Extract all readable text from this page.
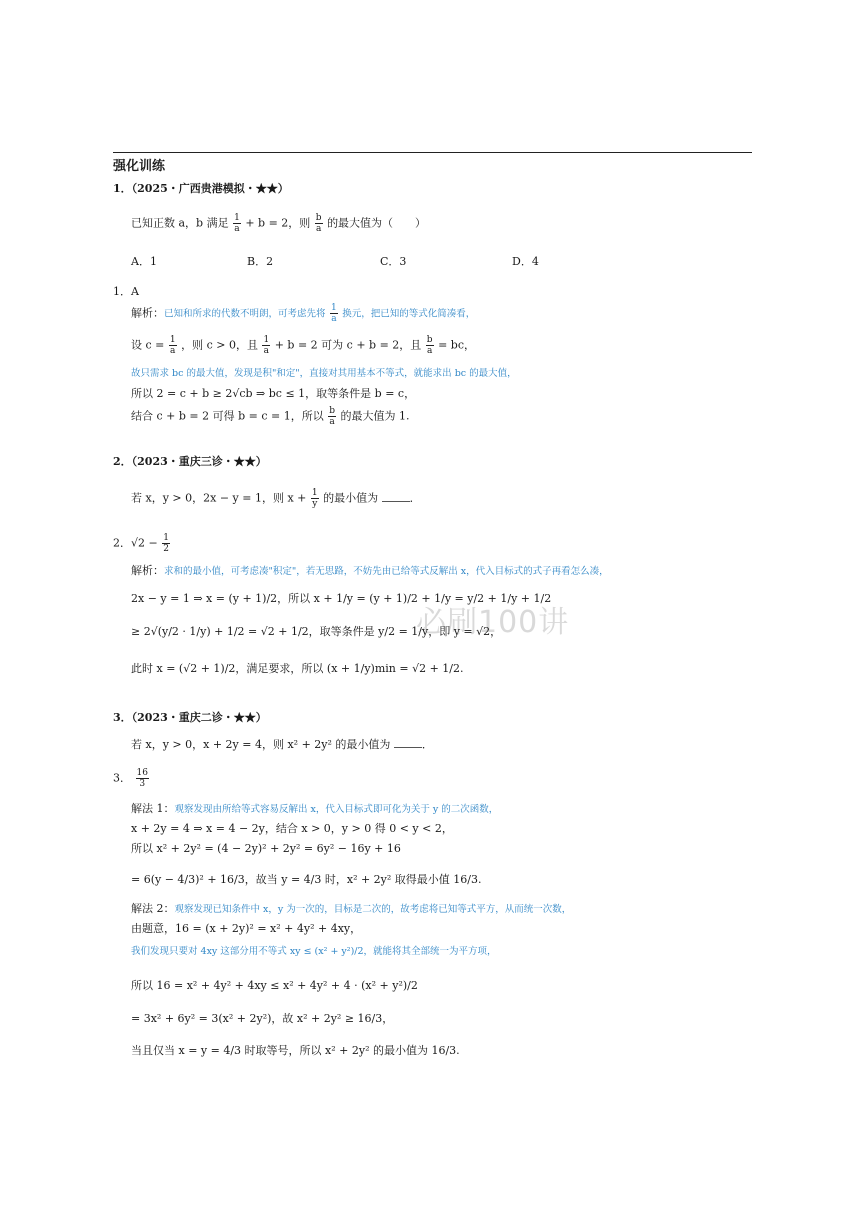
强化训练
必刷100讲
1．（2025・广西贵港模拟・★★）
已知正数 a，b 满足 $\frac{1}{a} + b = 2$，则 $\frac{b}{a}$ 的最大值为（　　）
A．1	B．2	C．3	D．4
1．A
解析：已知和所求的代数不明朗，可考虑先将 $\frac{1}{a}$ 换元，把已知的等式化简凑看，
设 $c = \frac{1}{a}$ ，则 c > 0，且 $\frac{1}{a} + b = 2$ 可为 c + b = 2，且 $\frac{b}{a}$ = bc，
故只需求 bc 的最大值，发现是积"和定"，直接对其用基本不等式，就能求出 bc 的最大值，
所以 2 = c + b ≥ 2√cb ⇒ bc ≤ 1，取等条件是 b = c，
结合 c + b = 2 可得 b = c = 1，所以 $\frac{b}{a}$ 的最大值为 1.
2．（2023・重庆三诊・★★）
若 x，y > 0，2x − y = 1，则 $x + \frac{1}{y}$ 的最小值为	．
2．$√2 - \frac{1}{2}$
解析：求和的最小值，可考虑凑"积定"，若无思路，不妨先由已给等式反解出 x，代入目标式的式子再看怎么凑，
2x − y = 1 ⇒ x = (y + 1)/2，所以 x + 1/y = (y + 1)/2 + 1/y = y/2 + 1/y + 1/2
≥ 2√(y/2 · 1/y) + 1/2 = √2 + 1/2，取等条件是 y/2 = 1/y，即 y = √2，
此时 x = (√2 + 1)/2，满足要求，所以 (x + 1/y)min = √2 + 1/2.
3．（2023・重庆二诊・★★）
若 x，y > 0，x + 2y = 4，则 x² + 2y² 的最小值为	．
3． $\frac{16}{3}$
解法 1：观察发现由所给等式容易反解出 x，代入目标式即可化为关于 y 的二次函数，
x + 2y = 4 ⇒ x = 4 − 2y，结合 x > 0，y > 0 得 0 < y < 2，
所以 x² + 2y² = (4 − 2y)² + 2y² = 6y² − 16y + 16
= 6(y − 4/3)² + 16/3，故当 y = 4/3 时，x² + 2y² 取得最小值 16/3.
解法 2：观察发现已知条件中 x，y 为一次的，目标是二次的，故考虑将已知等式平方，从而统一次数，
由题意，16 = (x + 2y)² = x² + 4y² + 4xy，
我们发现只要对 4xy 这部分用不等式 xy ≤ (x² + y²)/2，就能将其全部统一为平方项，
所以 16 = x² + 4y² + 4xy ≤ x² + 4y² + 4 · (x² + y²)/2
= 3x² + 6y² = 3(x² + 2y²)，故 x² + 2y² ≥ 16/3，
当且仅当 x = y = 4/3 时取等号，所以 x² + 2y² 的最小值为 16/3.
